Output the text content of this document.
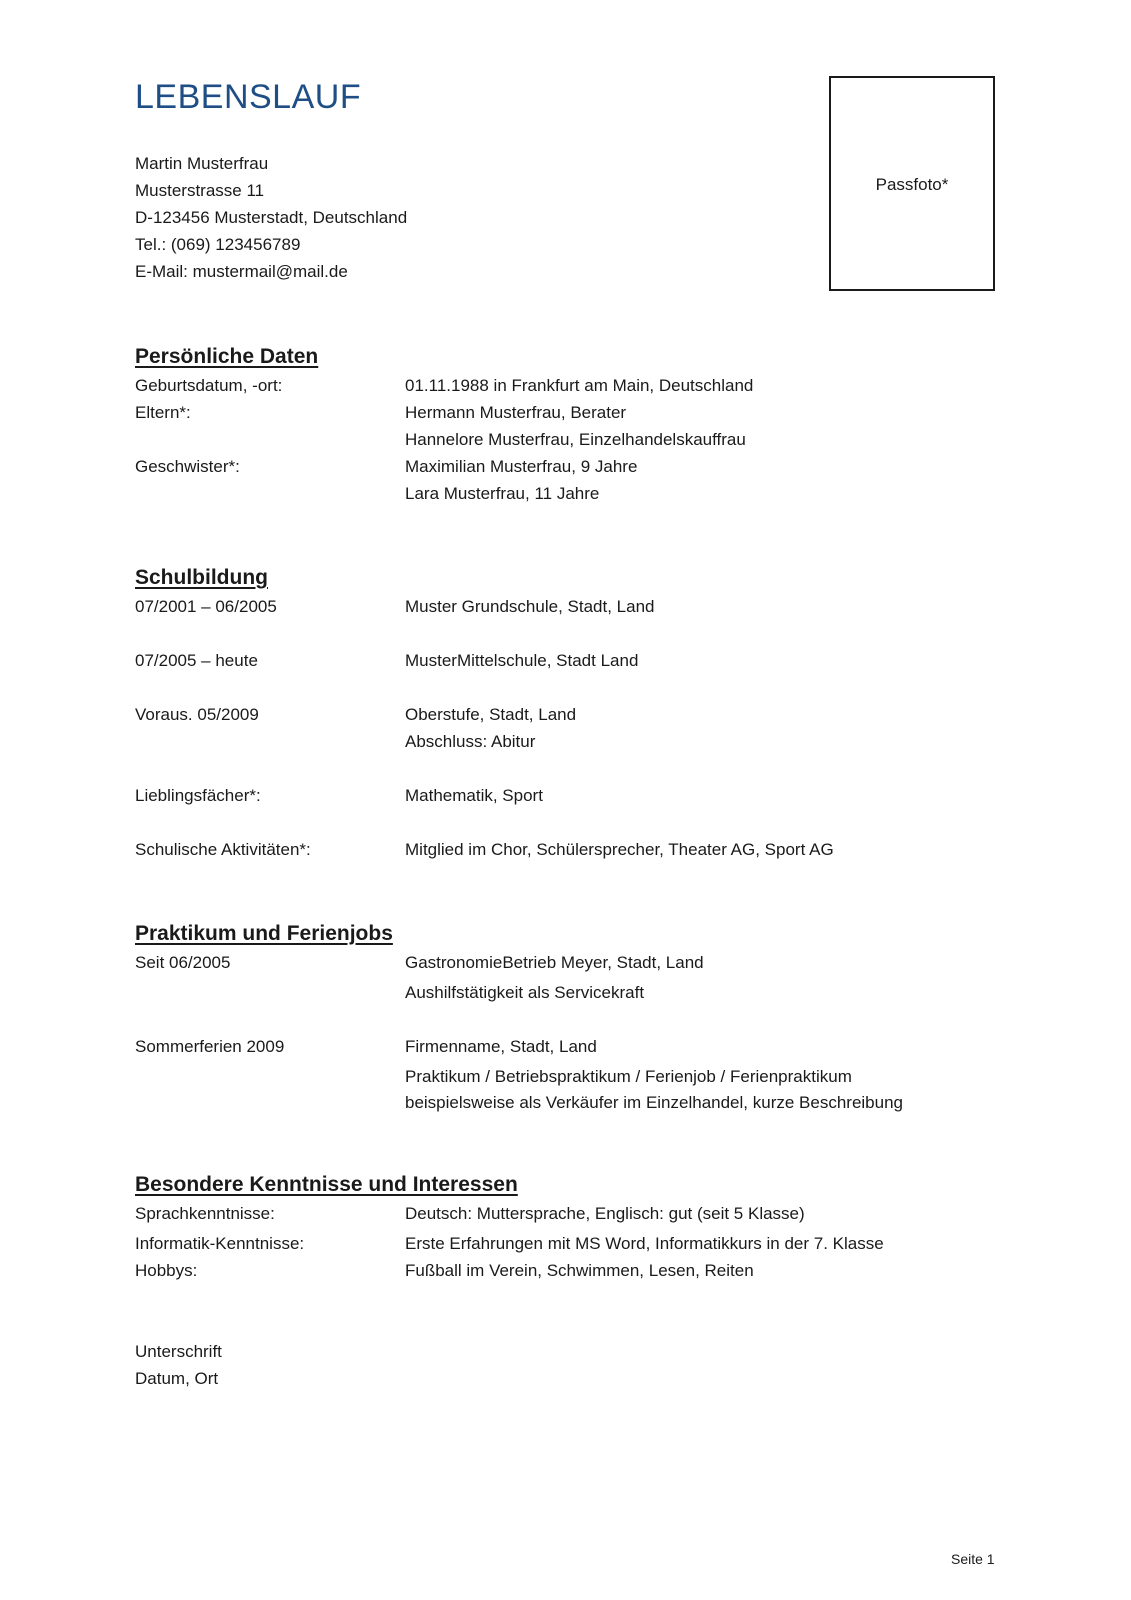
LEBENSLAUF
Martin Musterfrau
Musterstrasse 11
D-123456 Musterstadt, Deutschland
Tel.: (069) 123456789
E-Mail: mustermail@mail.de
Passfoto*
Persönliche Daten
Geburtsdatum, -ort:	01.11.1988 in Frankfurt am Main, Deutschland
Eltern*:	Hermann Musterfrau, Berater
Hannelore Musterfrau, Einzelhandelskauffrau
Geschwister*:	Maximilian Musterfrau, 9 Jahre
Lara Musterfrau, 11 Jahre
Schulbildung
07/2001 – 06/2005	Muster Grundschule, Stadt, Land
07/2005 – heute	MusterMittelschule, Stadt Land
Voraus. 05/2009	Oberstufe, Stadt, Land
Abschluss: Abitur
Lieblingsfächer*:	Mathematik, Sport
Schulische Aktivitäten*:	Mitglied im Chor, Schülersprecher, Theater AG, Sport AG
Praktikum und Ferienjobs
Seit 06/2005	GastronomieBetrieb Meyer, Stadt, Land
Aushilfstätigkeit als Servicekraft
Sommerferien 2009	Firmenname, Stadt, Land
Praktikum / Betriebspraktikum / Ferienjob / Ferienpraktikum
beispielsweise als Verkäufer im Einzelhandel, kurze Beschreibung
Besondere Kenntnisse und Interessen
Sprachkenntnisse:	Deutsch: Muttersprache, Englisch: gut (seit 5 Klasse)
Informatik-Kenntnisse:	Erste Erfahrungen mit MS Word, Informatikkurs in der 7. Klasse
Hobbys:	Fußball im Verein, Schwimmen, Lesen, Reiten
Unterschrift
Datum, Ort
Seite 1
